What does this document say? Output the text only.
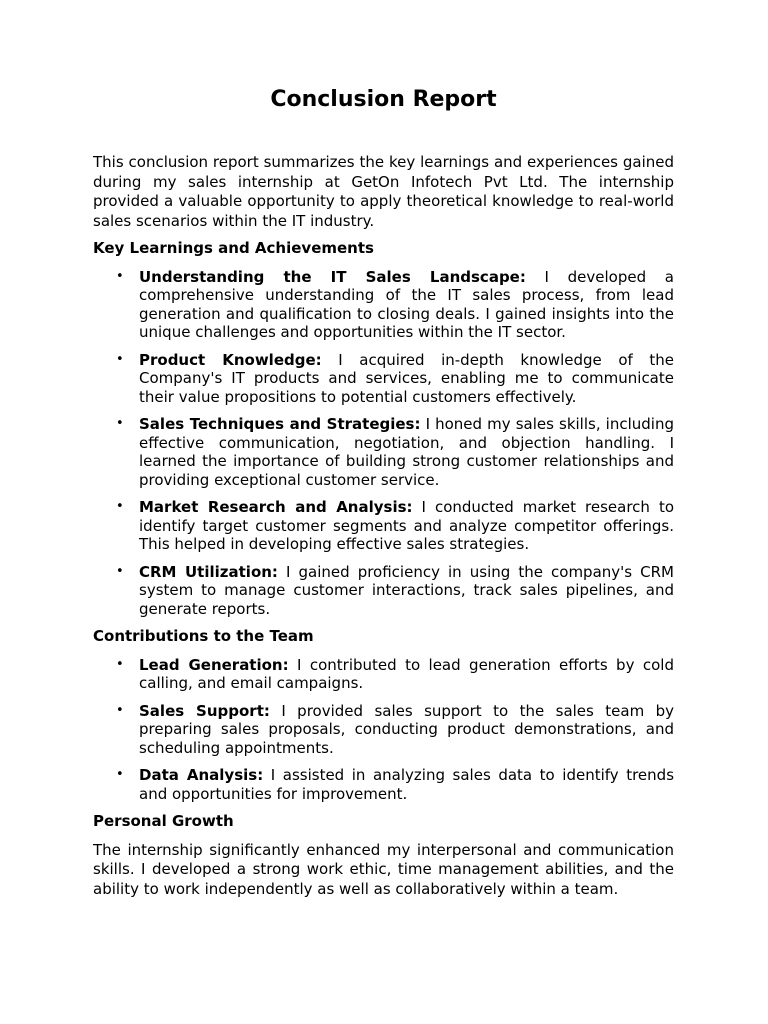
Conclusion Report

This conclusion report summarizes the key learnings and experiences gained during my sales internship at GetOn Infotech Pvt Ltd. The internship provided a valuable opportunity to apply theoretical knowledge to real-world sales scenarios within the IT industry.

Key Learnings and Achievements
• Understanding the IT Sales Landscape: I developed a comprehensive understanding of the IT sales process, from lead generation and qualification to closing deals. I gained insights into the unique challenges and opportunities within the IT sector.
• Product Knowledge: I acquired in-depth knowledge of the Company's IT products and services, enabling me to communicate their value propositions to potential customers effectively.
• Sales Techniques and Strategies: I honed my sales skills, including effective communication, negotiation, and objection handling. I learned the importance of building strong customer relationships and providing exceptional customer service.
• Market Research and Analysis: I conducted market research to identify target customer segments and analyze competitor offerings. This helped in developing effective sales strategies.
• CRM Utilization: I gained proficiency in using the company's CRM system to manage customer interactions, track sales pipelines, and generate reports.
Contributions to the Team
• Lead Generation: I contributed to lead generation efforts by cold calling, and email campaigns.
• Sales Support: I provided sales support to the sales team by preparing sales proposals, conducting product demonstrations, and scheduling appointments.
• Data Analysis: I assisted in analyzing sales data to identify trends and opportunities for improvement.
Personal Growth

The internship significantly enhanced my interpersonal and communication skills. I developed a strong work ethic, time management abilities, and the ability to work independently as well as collaboratively within a team.
